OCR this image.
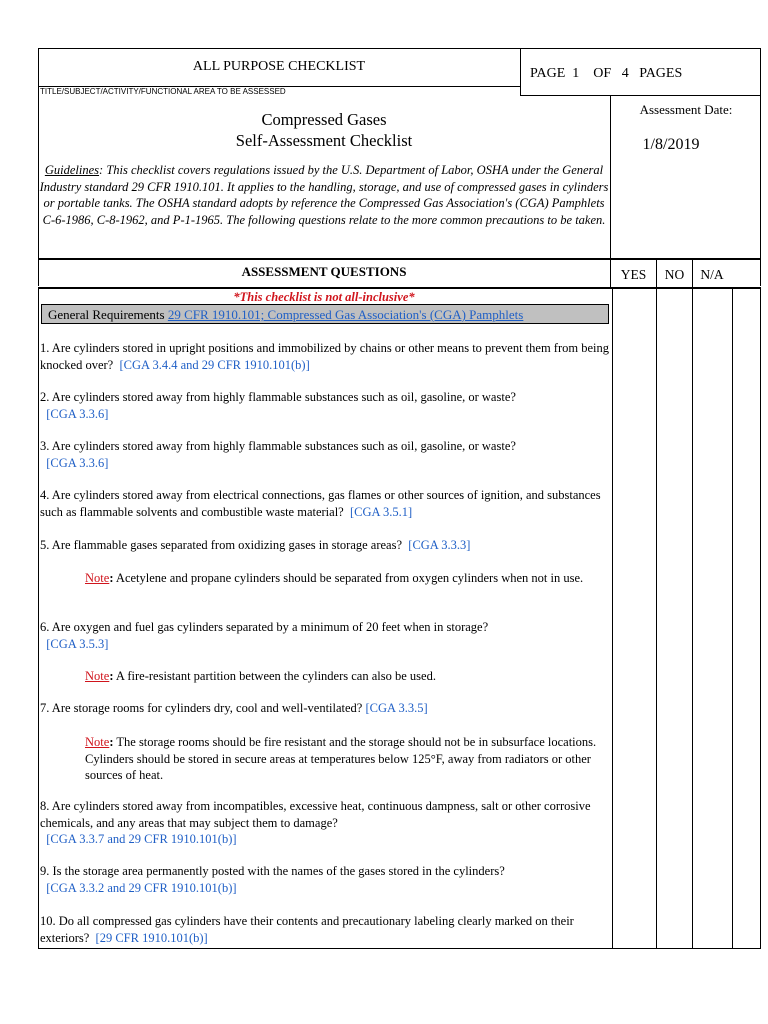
ALL PURPOSE CHECKLIST	PAGE 1 OF 4 PAGES
TITLE/SUBJECT/ACTIVITY/FUNCTIONAL AREA TO BE ASSESSED
Compressed Gases
Self-Assessment Checklist
Assessment Date:
1/8/2019
Guidelines: This checklist covers regulations issued by the U.S. Department of Labor, OSHA under the General Industry standard 29 CFR 1910.101. It applies to the handling, storage, and use of compressed gases in cylinders or portable tanks. The OSHA standard adopts by reference the Compressed Gas Association's (CGA) Pamphlets C-6-1986, C-8-1962, and P-1-1965. The following questions relate to the more common precautions to be taken.
ASSESSMENT QUESTIONS	YES	NO	N/A
*This checklist is not all-inclusive*
General Requirements 29 CFR 1910.101; Compressed Gas Association's (CGA) Pamphlets
1. Are cylinders stored in upright positions and immobilized by chains or other means to prevent them from being knocked over? [CGA 3.4.4 and 29 CFR 1910.101(b)]
2. Are cylinders stored away from highly flammable substances such as oil, gasoline, or waste?
[CGA 3.3.6]
3. Are cylinders stored away from highly flammable substances such as oil, gasoline, or waste?
[CGA 3.3.6]
4. Are cylinders stored away from electrical connections, gas flames or other sources of ignition, and substances such as flammable solvents and combustible waste material? [CGA 3.5.1]
5. Are flammable gases separated from oxidizing gases in storage areas? [CGA 3.3.3]
Note: Acetylene and propane cylinders should be separated from oxygen cylinders when not in use.
6. Are oxygen and fuel gas cylinders separated by a minimum of 20 feet when in storage?
[CGA 3.5.3]
Note: A fire-resistant partition between the cylinders can also be used.
7. Are storage rooms for cylinders dry, cool and well-ventilated? [CGA 3.3.5]
Note: The storage rooms should be fire resistant and the storage should not be in subsurface locations. Cylinders should be stored in secure areas at temperatures below 125°F, away from radiators or other sources of heat.
8. Are cylinders stored away from incompatibles, excessive heat, continuous dampness, salt or other corrosive chemicals, and any areas that may subject them to damage?
[CGA 3.3.7 and 29 CFR 1910.101(b)]
9. Is the storage area permanently posted with the names of the gases stored in the cylinders?
[CGA 3.3.2 and 29 CFR 1910.101(b)]
10. Do all compressed gas cylinders have their contents and precautionary labeling clearly marked on their exteriors? [29 CFR 1910.101(b)]
